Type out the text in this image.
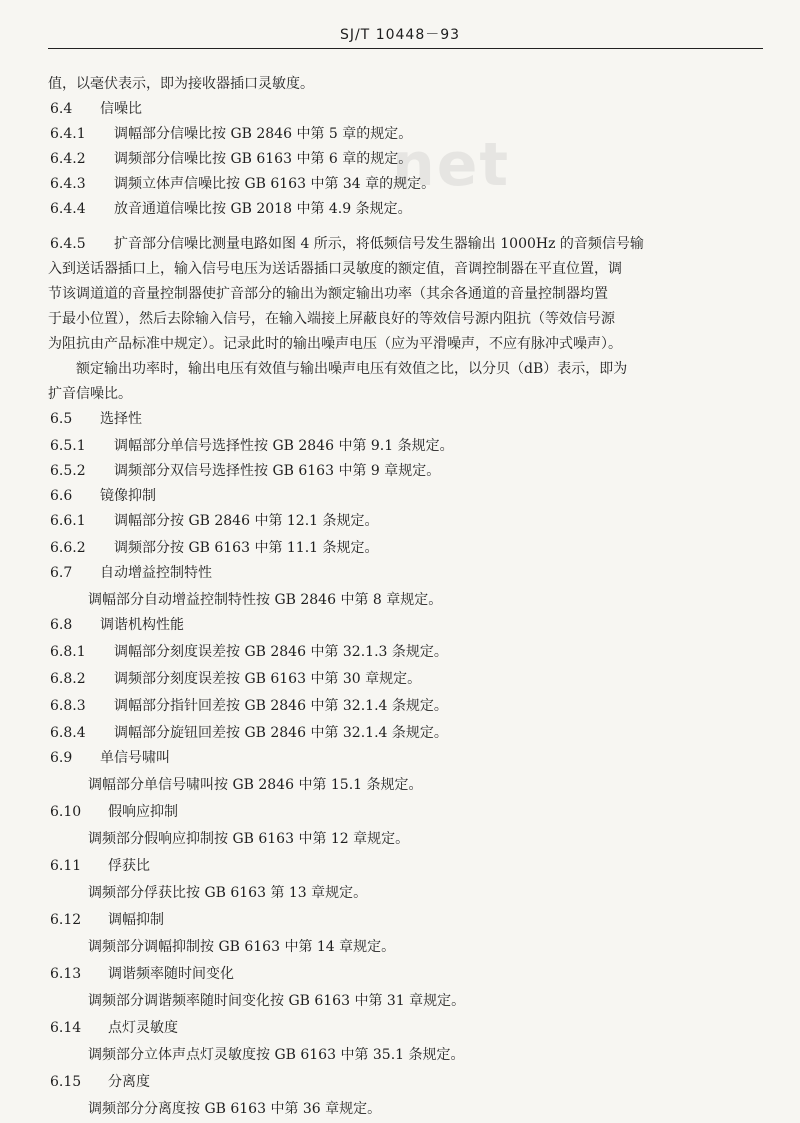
SJ/T 10448－93
net
值，以毫伏表示，即为接收器插口灵敏度。
6.4 信噪比
6.4.1 调幅部分信噪比按 GB 2846 中第 5 章的规定。
6.4.2 调频部分信噪比按 GB 6163 中第 6 章的规定。
6.4.3 调频立体声信噪比按 GB 6163 中第 34 章的规定。
6.4.4 放音通道信噪比按 GB 2018 中第 4.9 条规定。
6.4.5 扩音部分信噪比测量电路如图 4 所示，将低频信号发生器输出 1000Hz 的音频信号输
入到送话器插口上，输入信号电压为送话器插口灵敏度的额定值，音调控制器在平直位置，调
节该调道道的音量控制器使扩音部分的输出为额定输出功率（其余各通道的音量控制器均置
于最小位置），然后去除输入信号，在输入端接上屏蔽良好的等效信号源内阻抗（等效信号源
为阻抗由产品标准中规定）。记录此时的输出噪声电压（应为平滑噪声，不应有脉冲式噪声）。
额定输出功率时，输出电压有效值与输出噪声电压有效值之比，以分贝（dB）表示，即为
扩音信噪比。
6.5 选择性
6.5.1 调幅部分单信号选择性按 GB 2846 中第 9.1 条规定。
6.5.2 调频部分双信号选择性按 GB 6163 中第 9 章规定。
6.6 镜像抑制
6.6.1 调幅部分按 GB 2846 中第 12.1 条规定。
6.6.2 调频部分按 GB 6163 中第 11.1 条规定。
6.7 自动增益控制特性
调幅部分自动增益控制特性按 GB 2846 中第 8 章规定。
6.8 调谐机构性能
6.8.1 调幅部分刻度误差按 GB 2846 中第 32.1.3 条规定。
6.8.2 调频部分刻度误差按 GB 6163 中第 30 章规定。
6.8.3 调幅部分指针回差按 GB 2846 中第 32.1.4 条规定。
6.8.4 调幅部分旋钮回差按 GB 2846 中第 32.1.4 条规定。
6.9 单信号啸叫
调幅部分单信号啸叫按 GB 2846 中第 15.1 条规定。
6.10 假响应抑制
调频部分假响应抑制按 GB 6163 中第 12 章规定。
6.11 俘获比
调频部分俘获比按 GB 6163 第 13 章规定。
6.12 调幅抑制
调频部分调幅抑制按 GB 6163 中第 14 章规定。
6.13 调谐频率随时间变化
调频部分调谐频率随时间变化按 GB 6163 中第 31 章规定。
6.14 点灯灵敏度
调频部分立体声点灯灵敏度按 GB 6163 中第 35.1 条规定。
6.15 分离度
调频部分分离度按 GB 6163 中第 36 章规定。
